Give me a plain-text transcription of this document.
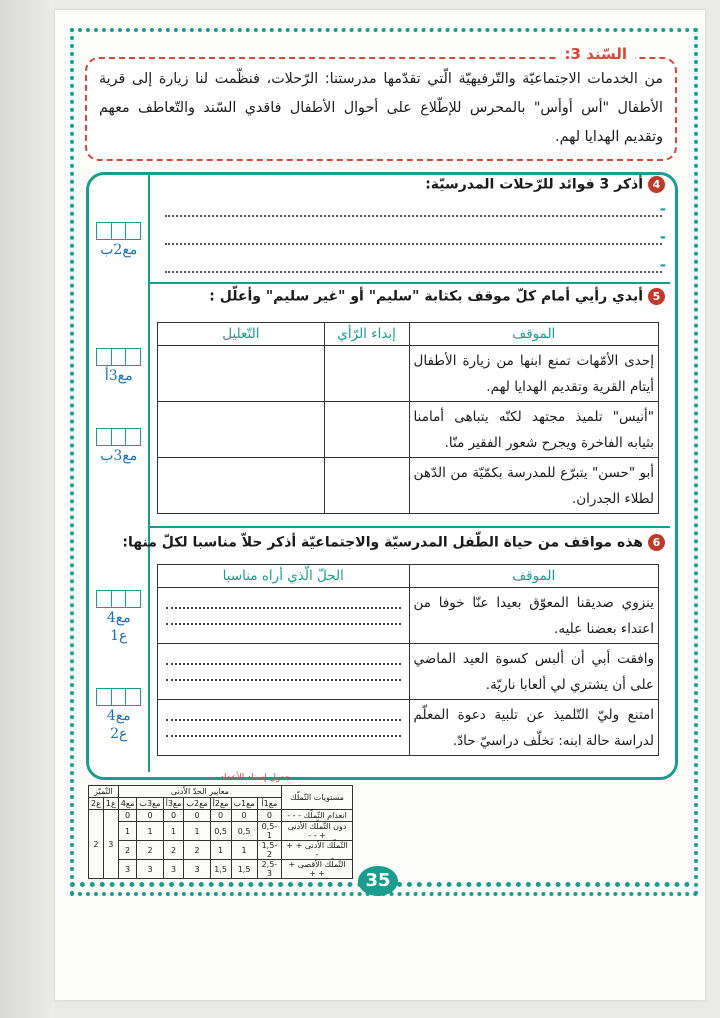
السّند 3:
من الخدمات الاجتماعيّة والتّرفيهيّة الّتي تقدّمها مدرستنا: الرّحلات، فنظّمت لنا زيارة إلى قرية الأطفال "أس أوأس" بالمحرس للإطّلاع على أحوال الأطفال فاقدي السّند والتّعاطف معهم وتقديم الهدايا لهم.
4أذكر 3 فوائد للرّحلات المدرسيّة:
-
-
-
مع2ب
5أبدي رأيي أمام كلّ موقف بكتابة "سليم" أو "غير سليم" وأعلّل :
الموقف	إبداء الرّأي	التّعليل
إحدى الأمّهات تمنع ابنها من زيارة الأطفال أيتام القرية وتقديم الهدايا لهم.		
"أنيس" تلميذ مجتهد لكنّه يتباهى أمامنا بثيابه الفاخرة ويجرح شعور الفقير منّا.		
أبو "حسن" يتبرّع للمدرسة بكمّيّة من الدّهن لطلاء الجدران.		
مع3أ
مع3ب
6هذه مواقف من حياة الطّفل المدرسيّة والاجتماعيّة أذكر حلاّ مناسبا لكلّ منها:
الموقف	الحلّ الّذي أراه مناسبا
ينزوي صديقنا المعوّق بعيدا عنّا خوفا من اعتداء بعضنا عليه.	

وافقت أبي أن ألبس كسوة العيد الماضي على أن يشتري لي ألعابا ناريّة.	

امتنع وليّ التّلميذ عن تلبية دعوة المعلّم لدراسة حالة ابنه: تخلّف دراسيّ حادّ.	
مع4
ع1
مع4
ع2
جدول إسناد الأعداد
مستويات التّملّك	معايير الحدّ الأدنى							التّميّز	
	مع1أ	مع1ب	مع2أ	مع2ب	مع3أ	مع3ب	مع4	ع1	ع2
انعدام التّملّك - - -	0	0	0	0	0	0	0	3	2
دون التّملّك الأدنى + - -	0,5-1	0,5	0,5	1	1	1	1		
التّملّك الأدنى + + -	1,5-2	1	1	2	2	2	2		
التّملّك الأقصى + + +	2,5-3	1,5	1,5	3	3	3	3		
35
